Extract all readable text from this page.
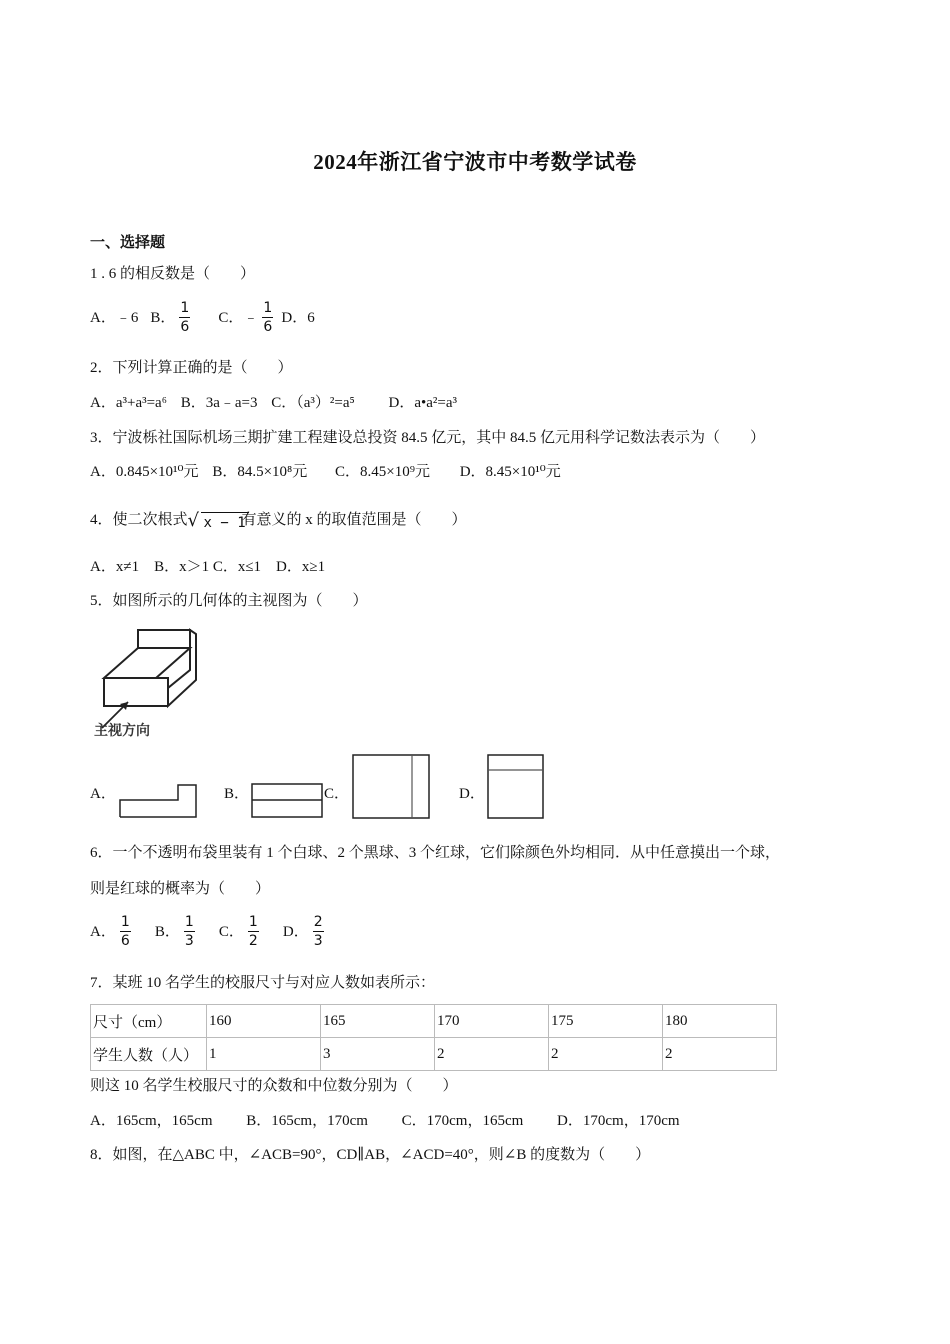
2024年浙江省宁波市中考数学试卷
一、选择题
1 . 6 的相反数是（　　）
A．﹣6 B． $\frac{1}{6}$ C．﹣ $\frac{1}{6}$ D．6
2．下列计算正确的是（　　）
A．a³+a³=a⁶ B．3a﹣a=3 C．（a³）²=a⁵ D．a•a²=a³
3．宁波栎社国际机场三期扩建工程建设总投资 84.5 亿元，其中 84.5 亿元用科学记数法表示为（　　）
A．0.845×10¹⁰元 B．84.5×10⁸元 C．8.45×10⁹元 D．8.45×10¹⁰元
4．使二次根式 √ x − 1
有意义的 x 的取值范围是（　　）
A．x≠1　B．x＞1 C．x≤1　D．x≥1
5．如图所示的几何体的主视图为（　　）
主视方向
A．	B．	C．	D．
6．一个不透明布袋里装有 1 个白球、2 个黑球、3 个红球，它们除颜色外均相同．从中任意摸出一个球，
则是红球的概率为（　　）
A． $\frac{1}{6}$ B． $\frac{1}{3}$ C． $\frac{1}{2}$ D． $\frac{2}{3}$
7．某班 10 名学生的校服尺寸与对应人数如表所示：
尺寸（cm）	160	165	170	175	180
学生人数（人）	1	3	2	2	2
则这 10 名学生校服尺寸的众数和中位数分别为（　　）
A．165cm，165cm B．165cm，170cm C．170cm，165cm D．170cm，170cm
8．如图，在△ABC 中，∠ACB=90°，CD∥AB，∠ACD=40°，则∠B 的度数为（　　）
